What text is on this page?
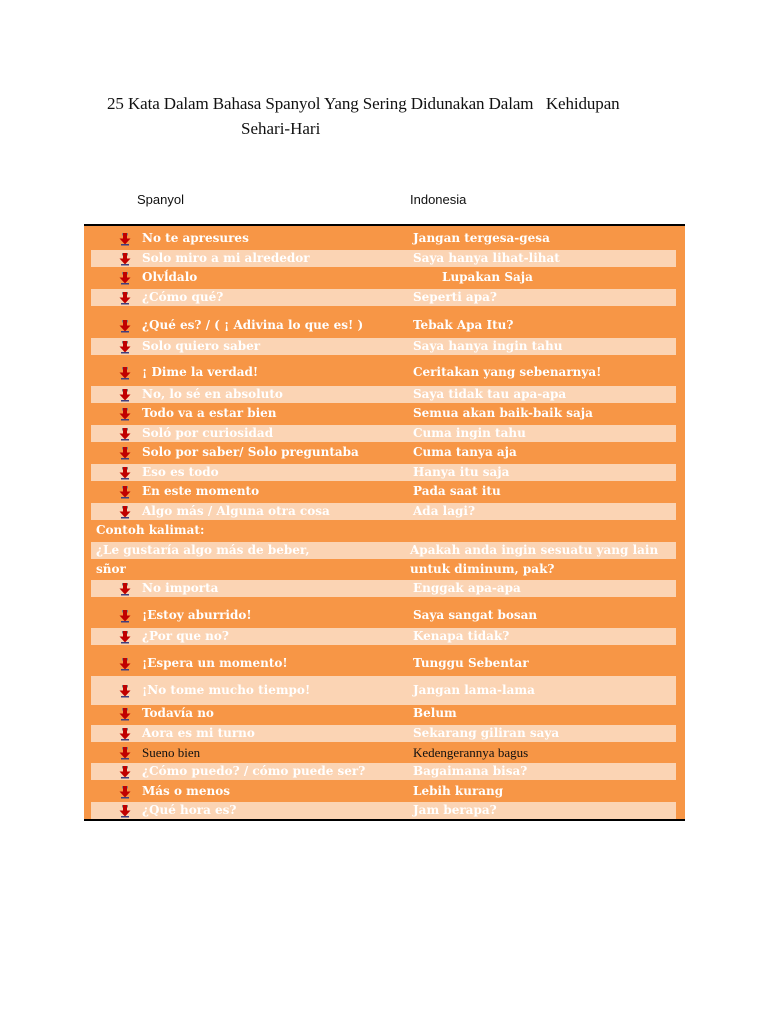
25 Kata Dalam Bahasa Spanyol Yang Sering Didunakan Dalam   Kehidupan
Sehari-Hari
Spanyol	Indonesia
No te apresures	Jangan tergesa-gesa
Solo miro a mi alrededor	Saya hanya lihat-lihat
Olvĺdalo	Lupakan Saja
¿Cómo qué?	Seperti apa?
¿Qué es? / ( ¡ Adivina lo que es! )	Tebak Apa Itu?
Solo quiero saber	Saya hanya ingin tahu
¡ Dime la verdad!	Ceritakan yang sebenarnya!
No, lo sé en absoluto	Saya tidak tau apa-apa
Todo va a estar bien	Semua akan baik-baik saja
Soló por curiosidad	Cuma ingin tahu
Solo por saber/ Solo preguntaba	Cuma tanya aja
Eso es todo	Hanya itu saja
En este momento	Pada saat itu
Algo más / Alguna otra cosa	Ada lagi?
Contoh kalimat:
¿Le gustaría algo más de beber,	Apakah anda ingin sesuatu yang lain
sñor	untuk diminum, pak?
No importa	Enggak apa-apa
¡Estoy aburrido!	Saya sangat bosan
¿Por que no?	Kenapa tidak?
¡Espera un momento!	Tunggu Sebentar
¡No tome mucho tiempo!	Jangan lama-lama
Todavía no	Belum
Aora es mi turno	Sekarang giliran saya
Sueno bien	Kedengerannya bagus
¿Cómo puedo? / cómo puede ser?	Bagaimana bisa?
Más o menos	Lebih kurang
¿Qué hora es?	Jam berapa?
